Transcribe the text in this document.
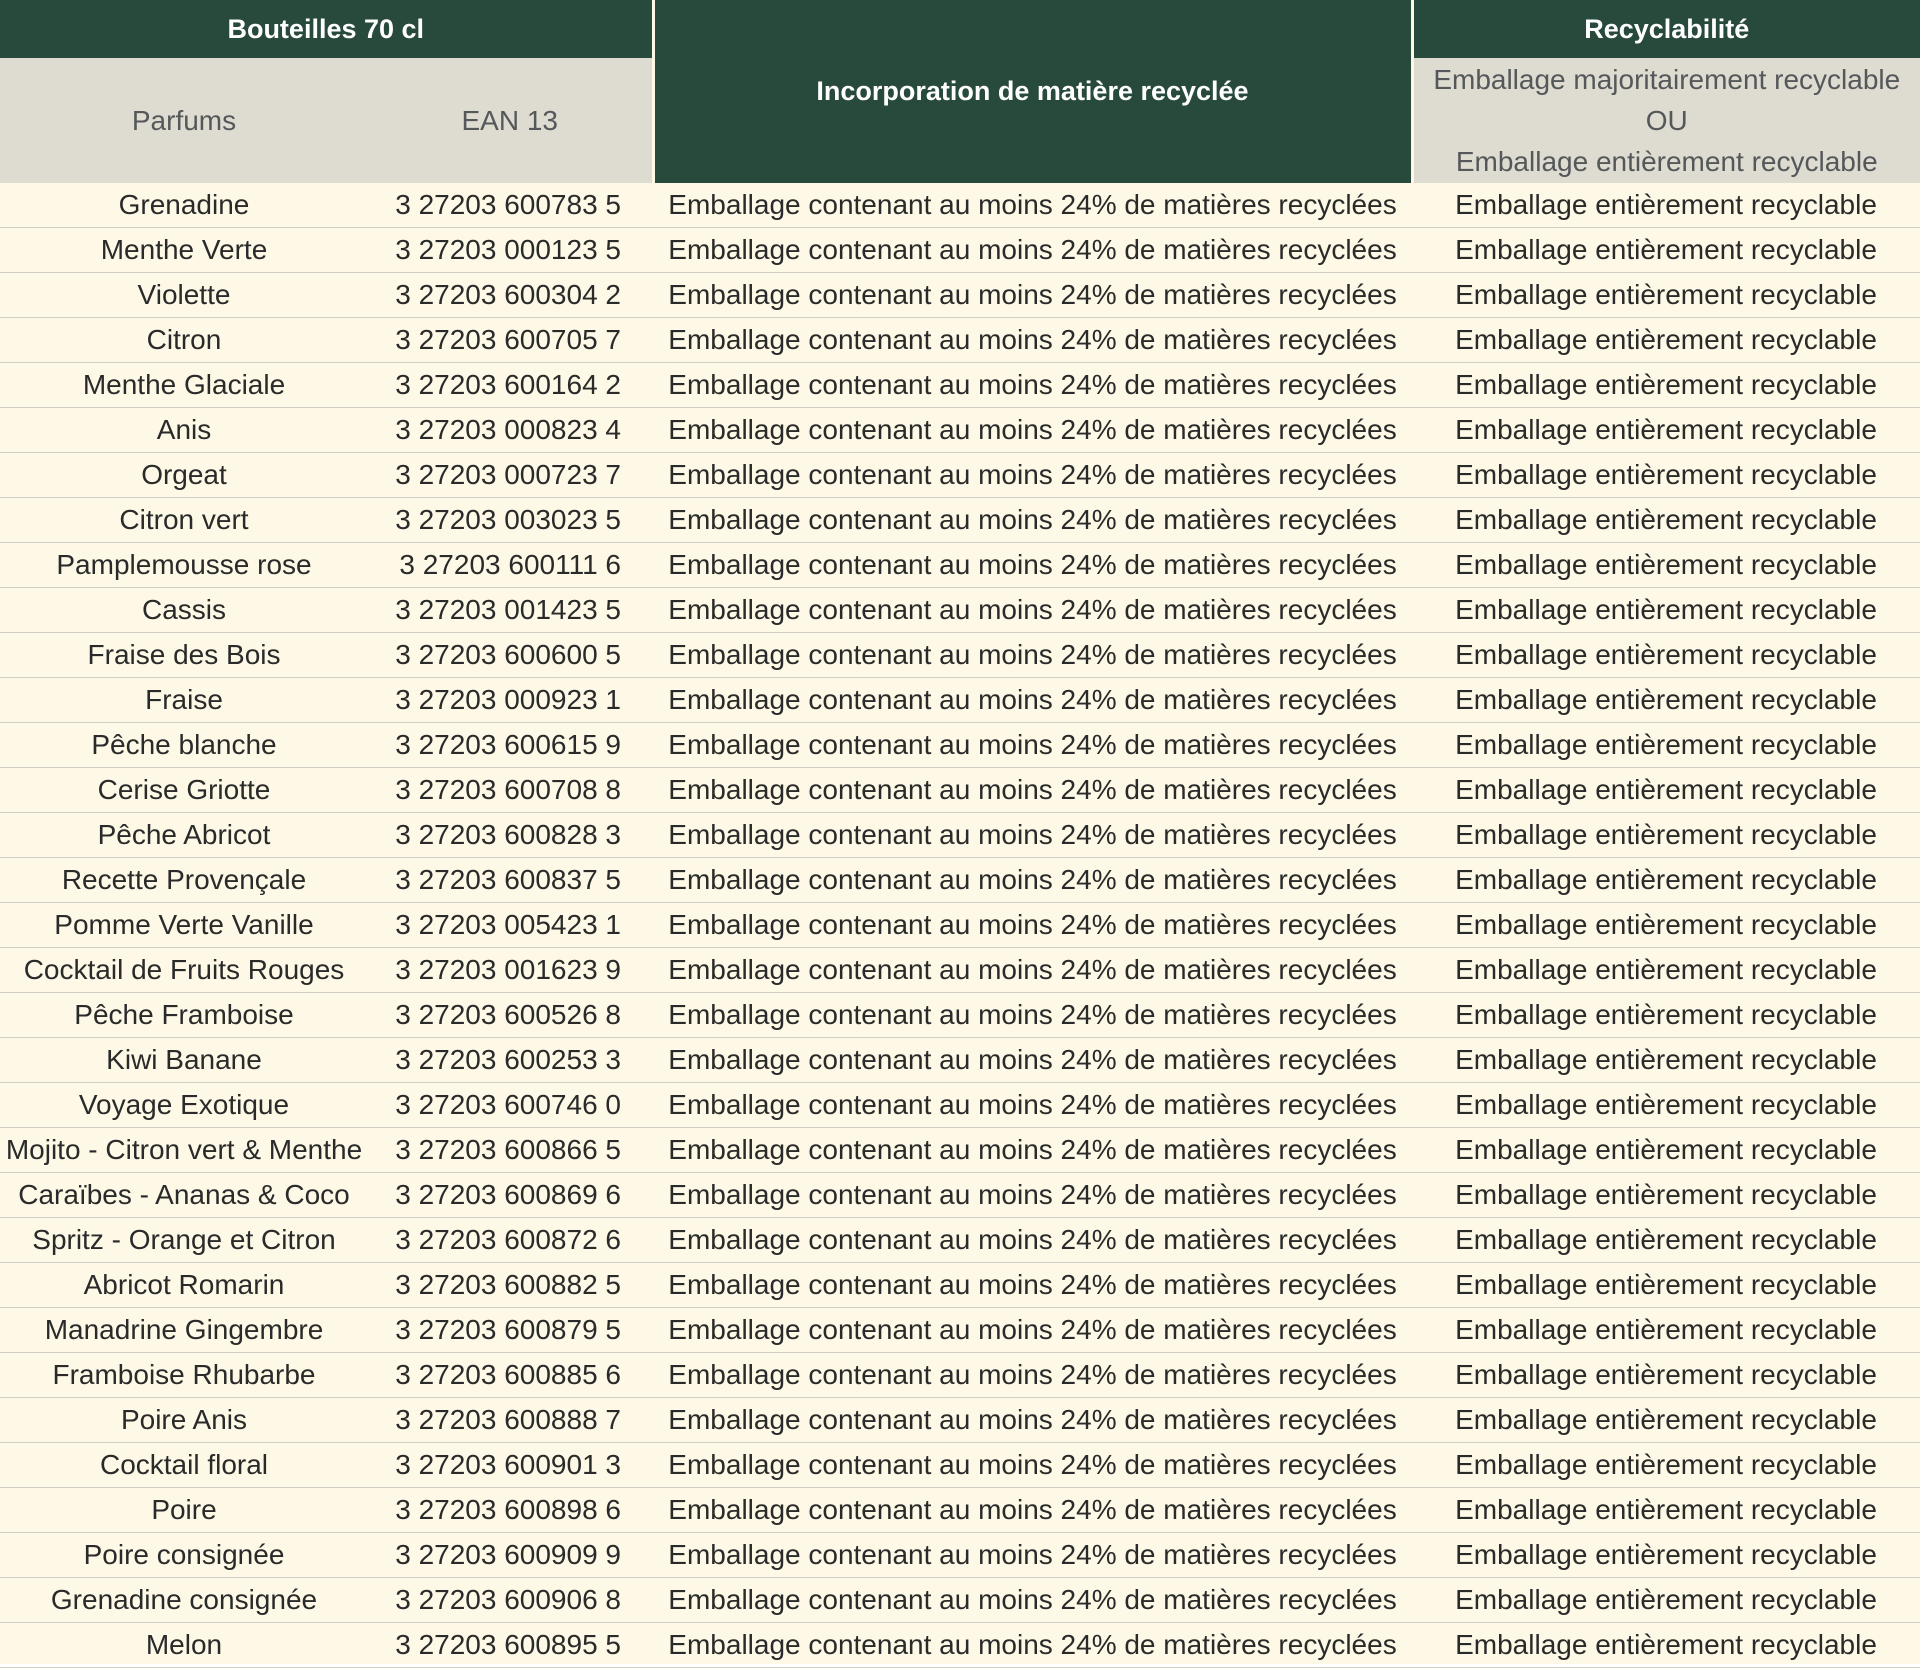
Bouteilles 70 cl		Incorporation de matière recyclée	Recyclabilité
Parfums	EAN 13		Emballage majoritairement recyclable
OU
Emballage entièrement recyclable

Grenadine	3 27203 600783 5	Emballage contenant au moins 24% de matières recyclées	Emballage entièrement recyclable
Menthe Verte	3 27203 000123 5	Emballage contenant au moins 24% de matières recyclées	Emballage entièrement recyclable
Violette	3 27203 600304 2	Emballage contenant au moins 24% de matières recyclées	Emballage entièrement recyclable
Citron	3 27203 600705 7	Emballage contenant au moins 24% de matières recyclées	Emballage entièrement recyclable
Menthe Glaciale	3 27203 600164 2	Emballage contenant au moins 24% de matières recyclées	Emballage entièrement recyclable
Anis	3 27203 000823 4	Emballage contenant au moins 24% de matières recyclées	Emballage entièrement recyclable
Orgeat	3 27203 000723 7	Emballage contenant au moins 24% de matières recyclées	Emballage entièrement recyclable
Citron vert	3 27203 003023 5	Emballage contenant au moins 24% de matières recyclées	Emballage entièrement recyclable
Pamplemousse rose	3 27203 600111 6	Emballage contenant au moins 24% de matières recyclées	Emballage entièrement recyclable
Cassis	3 27203 001423 5	Emballage contenant au moins 24% de matières recyclées	Emballage entièrement recyclable
Fraise des Bois	3 27203 600600 5	Emballage contenant au moins 24% de matières recyclées	Emballage entièrement recyclable
Fraise	3 27203 000923 1	Emballage contenant au moins 24% de matières recyclées	Emballage entièrement recyclable
Pêche blanche	3 27203 600615 9	Emballage contenant au moins 24% de matières recyclées	Emballage entièrement recyclable
Cerise Griotte	3 27203 600708 8	Emballage contenant au moins 24% de matières recyclées	Emballage entièrement recyclable
Pêche Abricot	3 27203 600828 3	Emballage contenant au moins 24% de matières recyclées	Emballage entièrement recyclable
Recette Provençale	3 27203 600837 5	Emballage contenant au moins 24% de matières recyclées	Emballage entièrement recyclable
Pomme Verte Vanille	3 27203 005423 1	Emballage contenant au moins 24% de matières recyclées	Emballage entièrement recyclable
Cocktail de Fruits Rouges	3 27203 001623 9	Emballage contenant au moins 24% de matières recyclées	Emballage entièrement recyclable
Pêche Framboise	3 27203 600526 8	Emballage contenant au moins 24% de matières recyclées	Emballage entièrement recyclable
Kiwi Banane	3 27203 600253 3	Emballage contenant au moins 24% de matières recyclées	Emballage entièrement recyclable
Voyage Exotique	3 27203 600746 0	Emballage contenant au moins 24% de matières recyclées	Emballage entièrement recyclable
Mojito - Citron vert & Menthe	3 27203 600866 5	Emballage contenant au moins 24% de matières recyclées	Emballage entièrement recyclable
Caraïbes - Ananas & Coco	3 27203 600869 6	Emballage contenant au moins 24% de matières recyclées	Emballage entièrement recyclable
Spritz - Orange et Citron	3 27203 600872 6	Emballage contenant au moins 24% de matières recyclées	Emballage entièrement recyclable
Abricot Romarin	3 27203 600882 5	Emballage contenant au moins 24% de matières recyclées	Emballage entièrement recyclable
Manadrine Gingembre	3 27203 600879 5	Emballage contenant au moins 24% de matières recyclées	Emballage entièrement recyclable
Framboise Rhubarbe	3 27203 600885 6	Emballage contenant au moins 24% de matières recyclées	Emballage entièrement recyclable
Poire Anis	3 27203 600888 7	Emballage contenant au moins 24% de matières recyclées	Emballage entièrement recyclable
Cocktail floral	3 27203 600901 3	Emballage contenant au moins 24% de matières recyclées	Emballage entièrement recyclable
Poire	3 27203 600898 6	Emballage contenant au moins 24% de matières recyclées	Emballage entièrement recyclable
Poire consignée	3 27203 600909 9	Emballage contenant au moins 24% de matières recyclées	Emballage entièrement recyclable
Grenadine consignée	3 27203 600906 8	Emballage contenant au moins 24% de matières recyclées	Emballage entièrement recyclable
Melon	3 27203 600895 5	Emballage contenant au moins 24% de matières recyclées	Emballage entièrement recyclable
